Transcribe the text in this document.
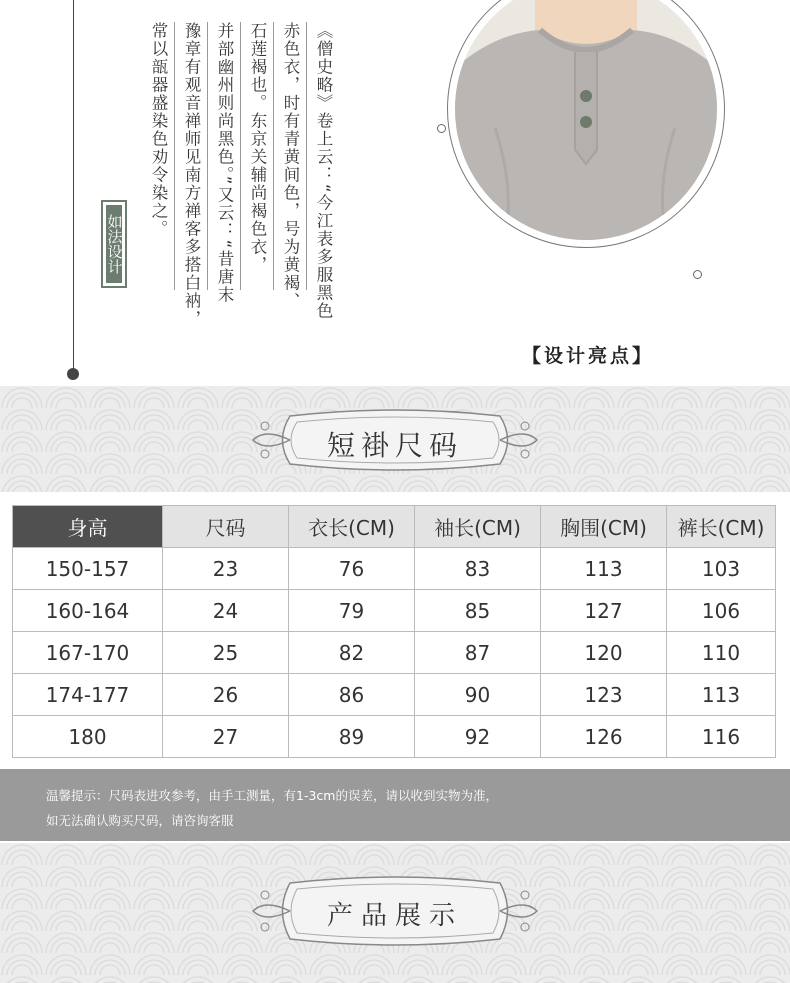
如法设计	《僧史略》卷上云：“今江表多服黑色
赤色衣，时有青黄间色，号为黄褐、
石莲褐也。东京关辅尚褐色衣，
并部幽州则尚黑色。”又云：“昔唐末
豫章有观音禅师见南方禅客多搭白衲，
常以瓿器盛染色劝令染之。
【设计亮点】
短褂尺码
身高	尺码	衣长(CM)	袖长(CM)	胸围(CM)	裤长(CM)
150-157	23	76	83	113	103
160-164	24	79	85	127	106
167-170	25	82	87	120	110
174-177	26	86	90	123	113
180	27	89	92	126	116

温馨提示：尺码表进攻参考，由手工测量，有1-3cm的误差，请以收到实物为准，

如无法确认购买尺码，请咨询客服

产品展示
